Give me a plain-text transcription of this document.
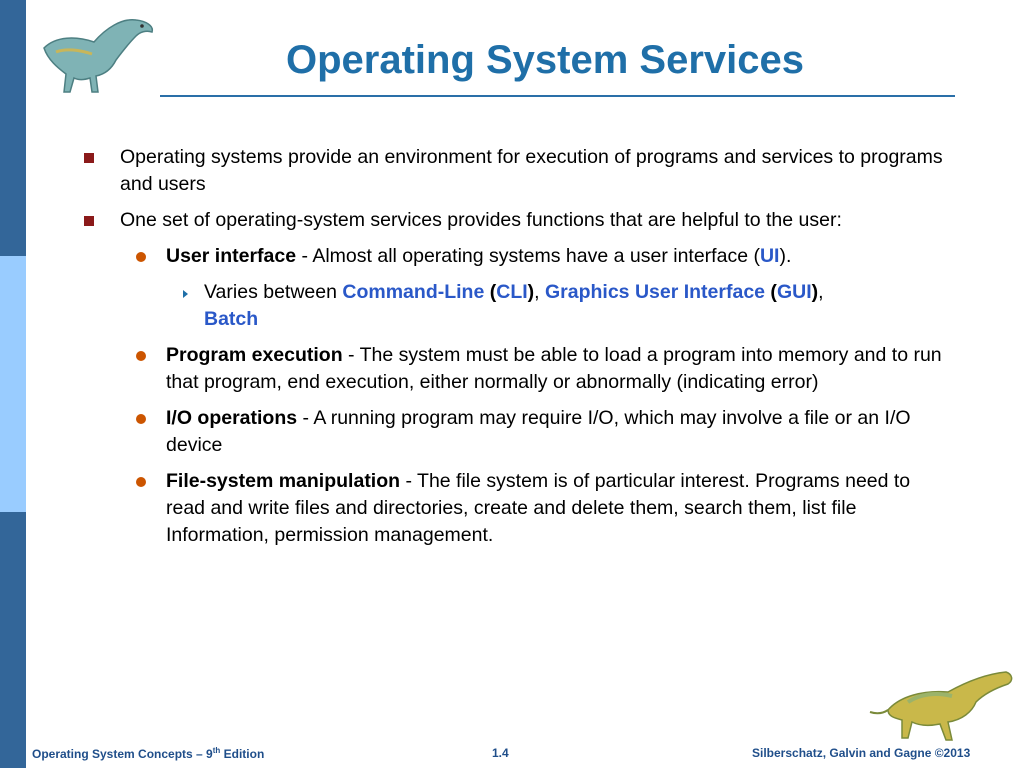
Operating System Services
Operating systems provide an environment for execution of programs and services to programs and users
One set of operating-system services provides functions that are helpful to the user:
User interface - Almost all operating systems have a user interface (UI).
Varies between Command-Line (CLI), Graphics User Interface (GUI),
Batch
Program execution - The system must be able to load a program into memory and to run that program, end execution, either normally or abnormally (indicating error)
I/O operations - A running program may require I/O, which may involve a file or an I/O device
File-system manipulation - The file system is of particular interest. Programs need to read and write files and directories, create and delete them, search them, list file Information, permission management.
Operating System Concepts – 9th Edition	1.4	Silberschatz, Galvin and Gagne ©2013
